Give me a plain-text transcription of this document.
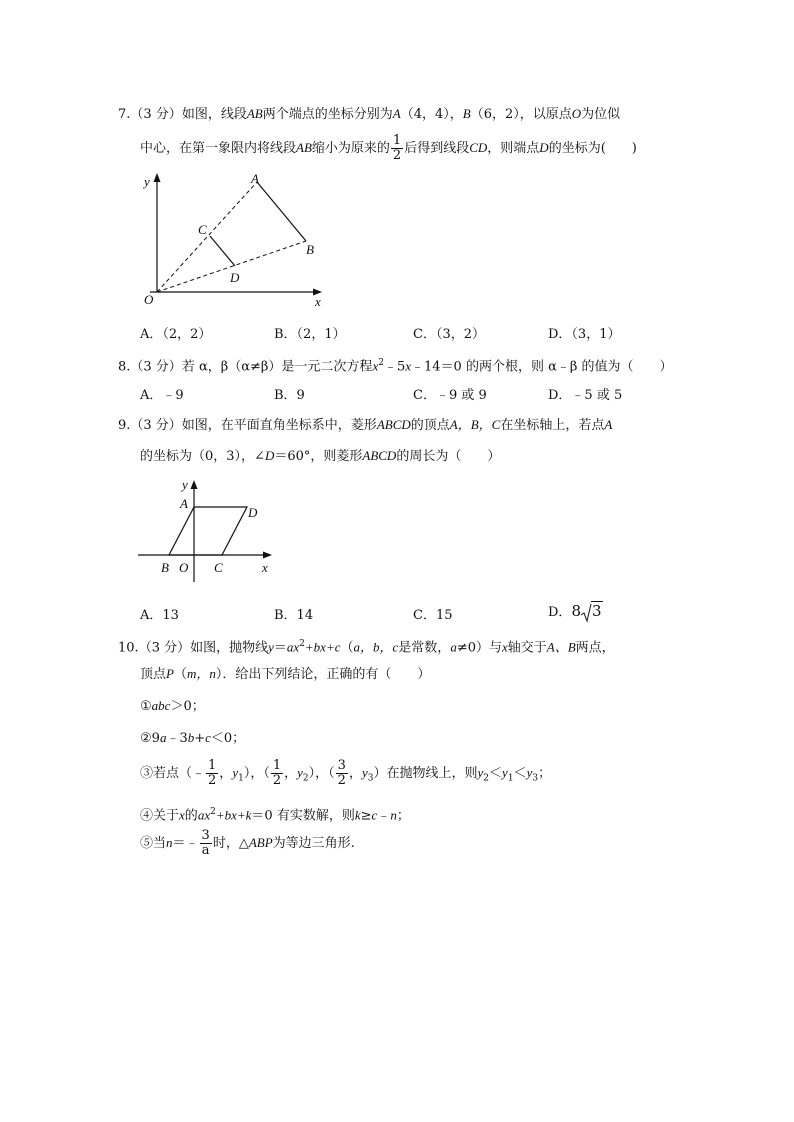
7.（3 分）如图，线段AB两个端点的坐标分别为A（4，4），B（6，2），以原点O为位似
中心，在第一象限内将线段AB缩小为原来的 $\frac{1}{2}$ 后得到线段CD，则端点D的坐标为(　　)
y
x
O
A
B
C
D
A．（2，2）	B．（2，1）	C．（3，2）	D．（3，1）
8.（3 分）若 α，β（α≠β）是一元二次方程$x^2﹣5x﹣14=0$ 的两个根，则 α﹣β 的值为（　　）
A．﹣9	B．9	C．﹣9 或 9	D．﹣5 或 5
9.（3 分）如图，在平面直角坐标系中，菱形ABCD的顶点A，B，C在坐标轴上，若点A
的坐标为（0，3），∠D＝60°，则菱形ABCD的周长为（　　）
y
A
D
B O C	x
A．13	B．14	C．15	D．8 3
10.（3 分）如图，抛物线$y=ax^2+bx+c(a$，b，c是常数，a≠0）与x轴交于A、B两点，
顶点P（m，n）．给出下列结论，正确的有（　　）
①abc＞0；
②9a﹣3b+c＜0；
③若点（﹣ $\frac{1}{2}$ ，$y_1$），（ $\frac{1}{2}$ ，$y_2$），（ $\frac{3}{2}$ ，$y_3$）在抛物线上，则$y_2<y_1<y_3$；
④关于x的$ax^2+bx+k=0$ 有实数解，则k≥c﹣n；
⑤当n＝﹣ $\frac{3}{a}$ 时，△ABP为等边三角形.
